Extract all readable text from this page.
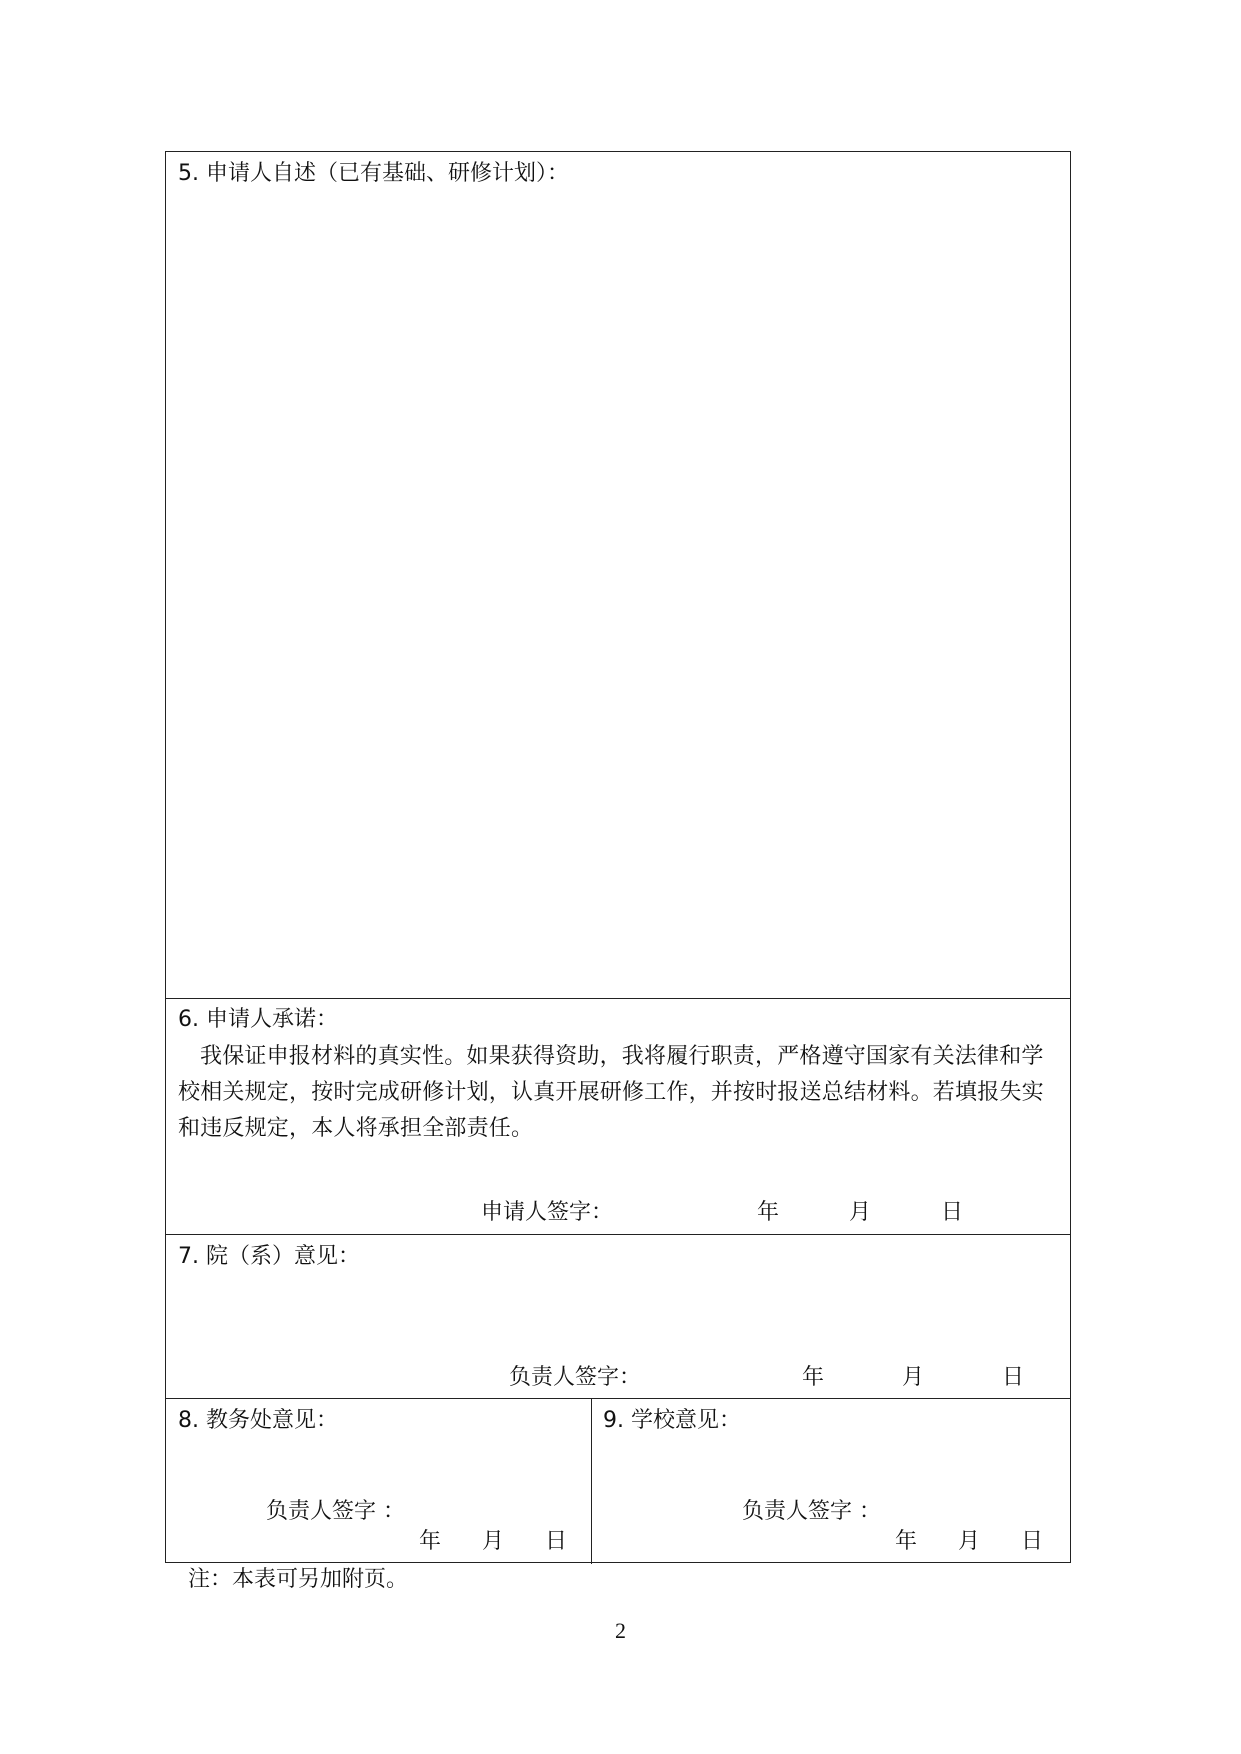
5. 申请人自述（已有基础、研修计划）：
6. 申请人承诺：
我保证申报材料的真实性。如果获得资助，我将履行职责，严格遵守国家有关法律和学校相关规定，按时完成研修计划，认真开展研修工作，并按时报送总结材料。若填报失实和违反规定，本人将承担全部责任。
申请人签字：	年	月	日
7. 院（系）意见：
负责人签字：	年	月	日
8. 教务处意见：
负责人签字 ：
年 月 日
9. 学校意见：
负责人签字 ：
年 月 日
注：本表可另加附页。
2
